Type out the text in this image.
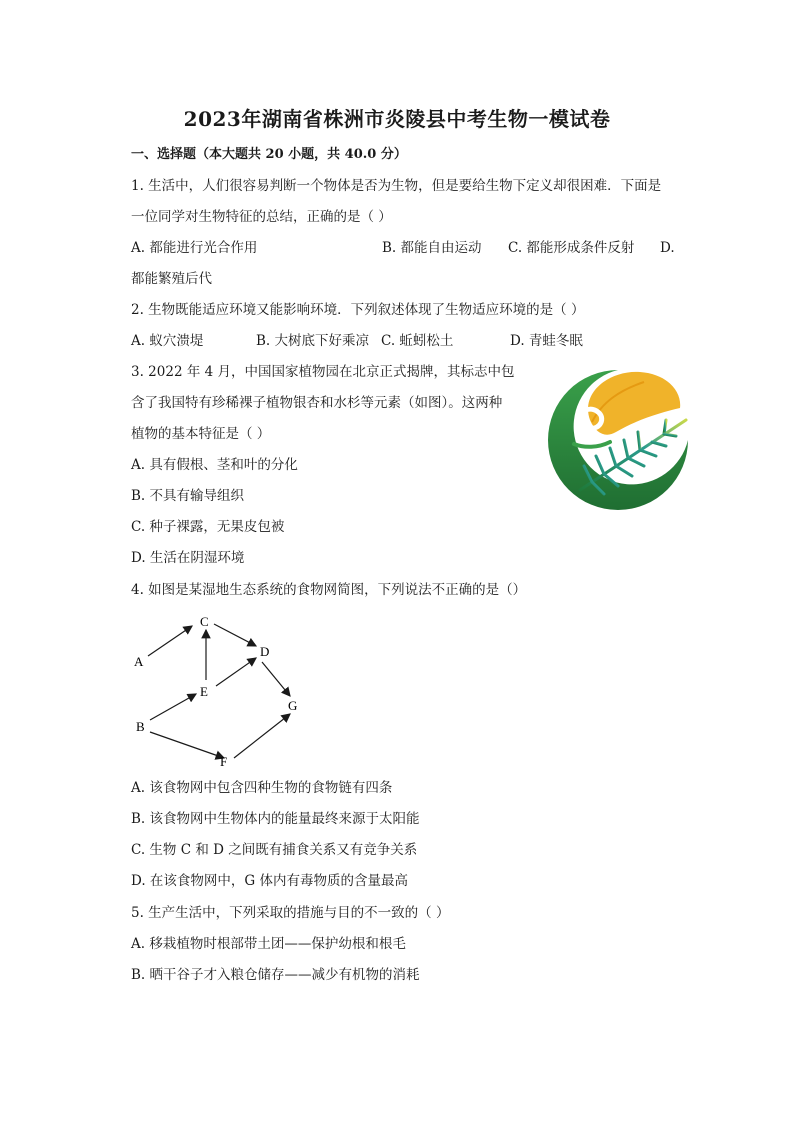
2023年湖南省株洲市炎陵县中考生物一模试卷
一、选择题（本大题共 20 小题，共 40.0 分）
1. 生活中，人们很容易判断一个物体是否为生物，但是要给生物下定义却很困难．下面是
一位同学对生物特征的总结，正确的是（ ）
A. 都能进行光合作用	B. 都能自由运动 C. 都能形成条件反射 D.
都能繁殖后代
2. 生物既能适应环境又能影响环境．下列叙述体现了生物适应环境的是（ ）
A. 蚁穴溃堤	B. 大树底下好乘凉 C. 蚯蚓松土	D. 青蛙冬眠
3. 2022 年 4 月，中国国家植物园在北京正式揭牌，其标志中包
含了我国特有珍稀裸子植物银杏和水杉等元素（如图）。这两种
植物的基本特征是（ ）
A. 具有假根、茎和叶的分化
B. 不具有输导组织
C. 种子裸露，无果皮包被
D. 生活在阴湿环境
4. 如图是某湿地生态系统的食物网简图，下列说法不正确的是（）
A
B
C
D
E
F
G
A. 该食物网中包含四种生物的食物链有四条
B. 该食物网中生物体内的能量最终来源于太阳能
C. 生物 C 和 D 之间既有捕食关系又有竞争关系
D. 在该食物网中，G 体内有毒物质的含量最高
5. 生产生活中，下列采取的措施与目的不一致的（ ）
A. 移栽植物时根部带土团——保护幼根和根毛
B. 晒干谷子才入粮仓储存——减少有机物的消耗
